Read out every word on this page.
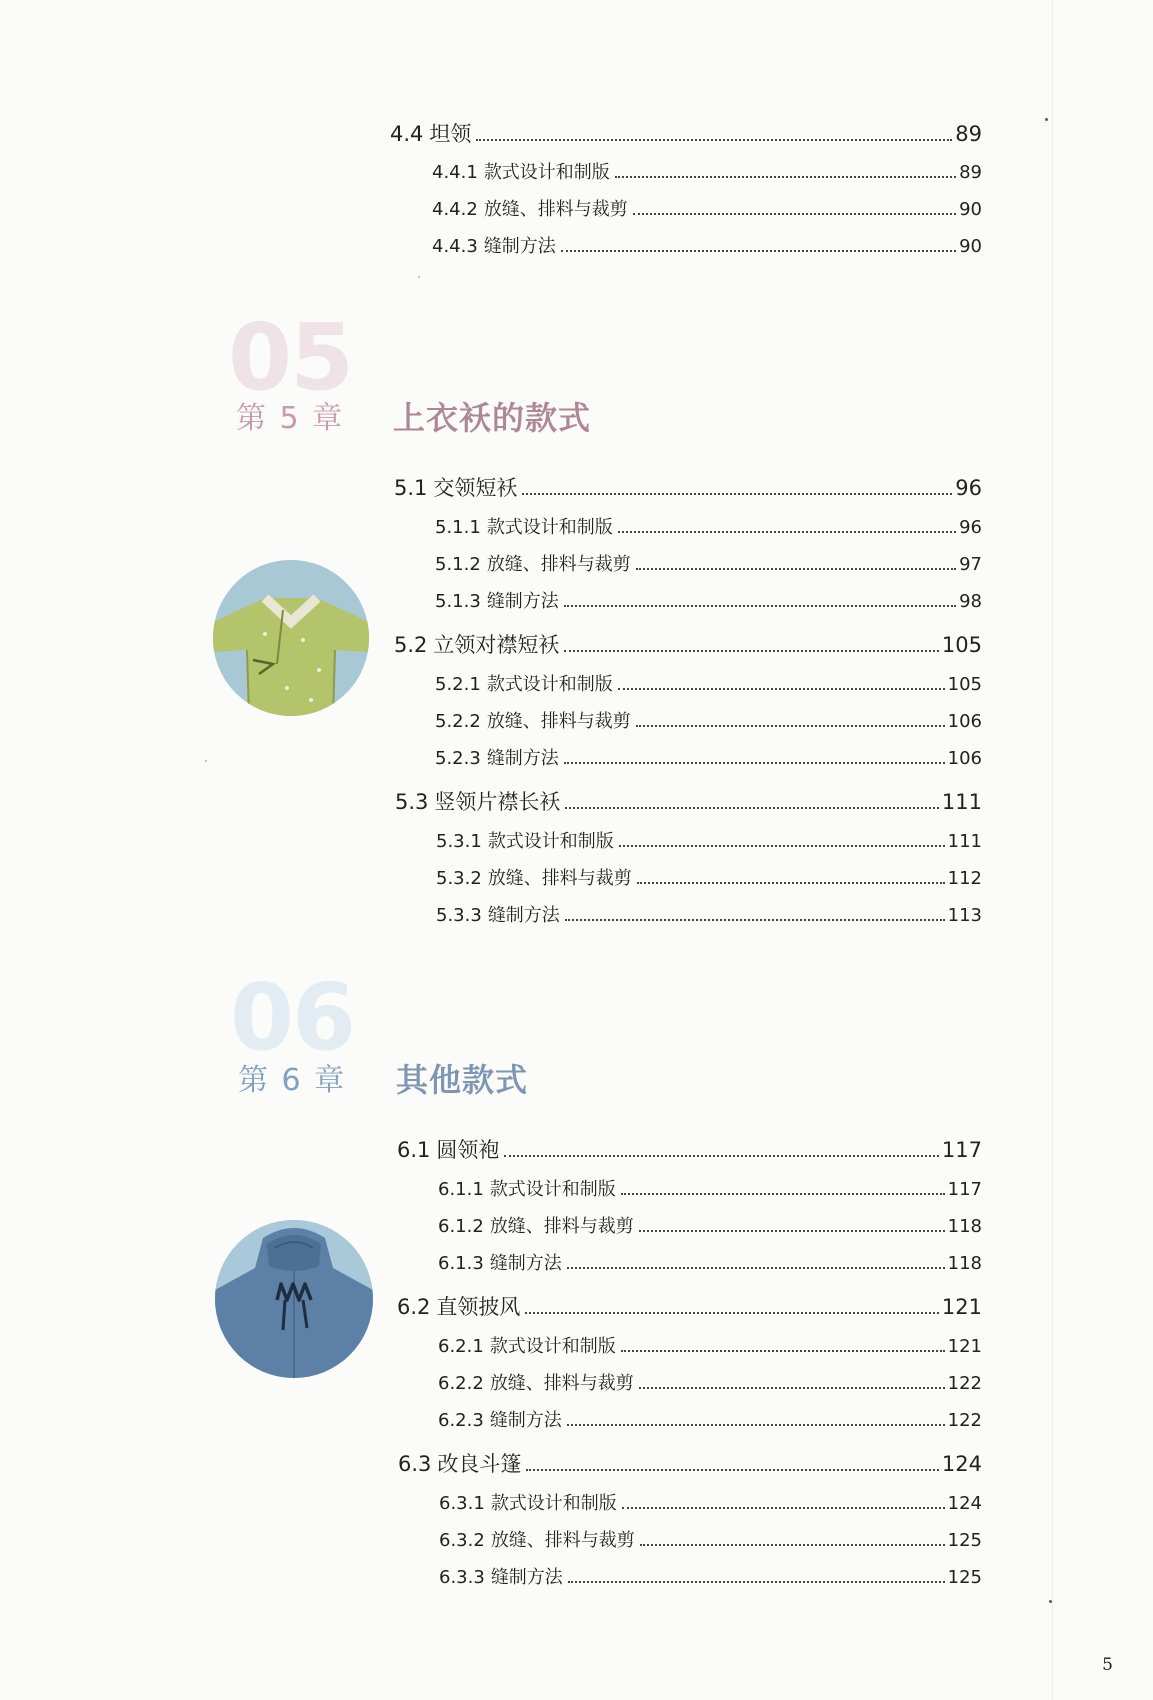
4.4 坦领	89
4.4.1 款式设计和制版	89
4.4.2 放缝、排料与裁剪	90
4.4.3 缝制方法	90
05
第 5 章 上衣袄的款式
5.1 交领短袄	96
5.1.1 款式设计和制版	96
5.1.2 放缝、排料与裁剪	97
5.1.3 缝制方法	98
5.2 立领对襟短袄	105
5.2.1 款式设计和制版	105
5.2.2 放缝、排料与裁剪	106
5.2.3 缝制方法	106
5.3 竖领片襟长袄	111
5.3.1 款式设计和制版	111
5.3.2 放缝、排料与裁剪	112
5.3.3 缝制方法	113
06
第 6 章 其他款式
6.1 圆领袍	117
6.1.1 款式设计和制版	117
6.1.2 放缝、排料与裁剪	118
6.1.3 缝制方法	118
6.2 直领披风	121
6.2.1 款式设计和制版	121
6.2.2 放缝、排料与裁剪	122
6.2.3 缝制方法	122
6.3 改良斗篷	124
6.3.1 款式设计和制版	124
6.3.2 放缝、排料与裁剪	125
6.3.3 缝制方法	125
5
